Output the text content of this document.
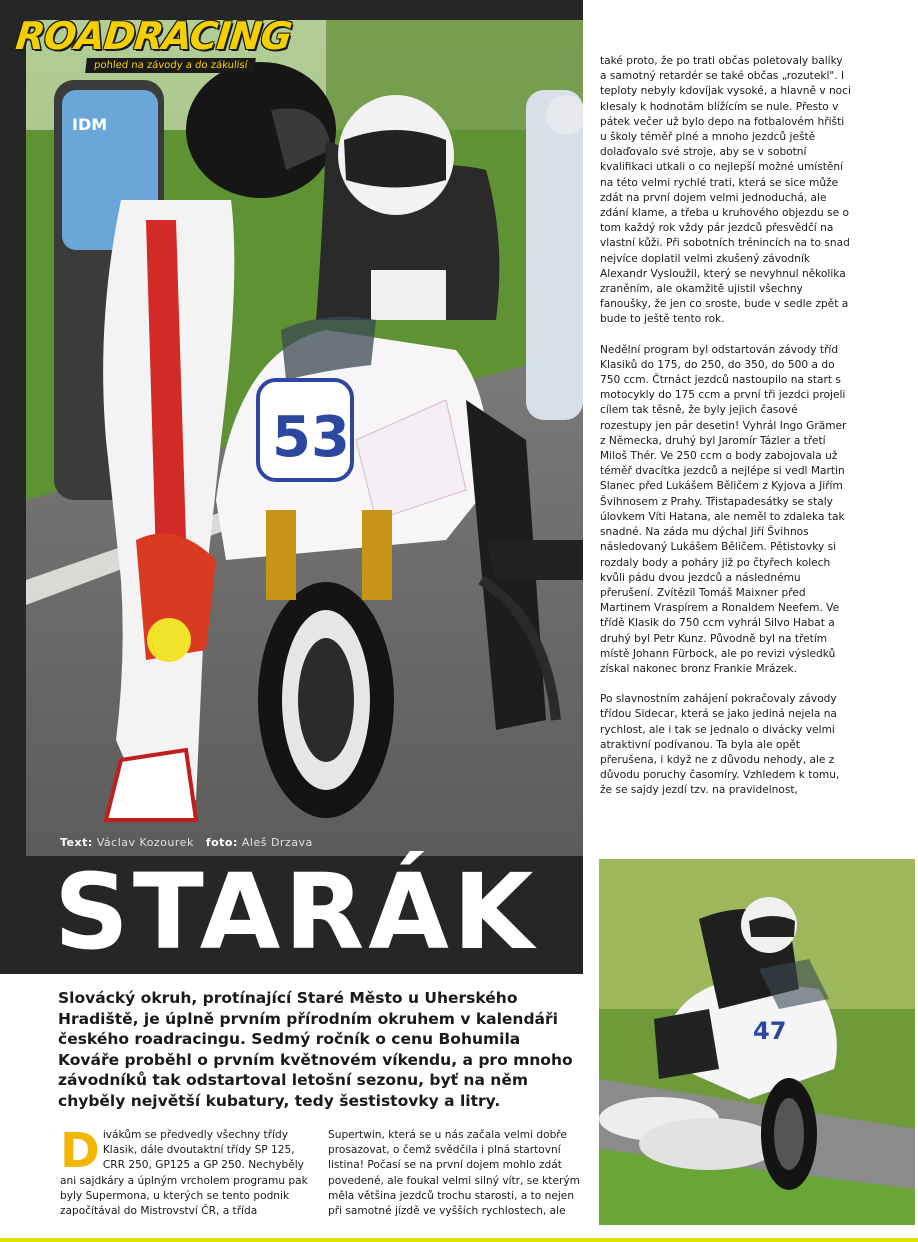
IDM
53
ROADRACING
pohled na závody a do zákulisí
Text: Václav Kozourek foto: Aleš Drzava
STARÁK
Slovácký okruh, protínající Staré Město u Uherského Hradiště, je úplně prvním přírodním okruhem v kalendáři českého roadracingu. Sedmý ročník o cenu Bohumila Kováře proběhl o prvním květnovém víkendu, a pro mnoho závodníků tak odstartoval letošní sezonu, byť na něm chyběly největší kubatury, tedy šestistovky a litry.

také proto, že po trati občas poletovaly balíky a samotný retardér se také občas „rozutekl". I teploty nebyly kdovíjak vysoké, a hlavně v noci klesaly k hodnotám blížícím se nule. Přesto v pátek večer už bylo depo na fotbalovém hřišti u školy téměř plné a mnoho jezdců ještě dolaďovalo své stroje, aby se v sobotní kvalifikaci utkali o co nejlepší možné umístění na této velmi rychlé trati, která se sice může zdát na první dojem velmi jednoduchá, ale zdání klame, a třeba u kruhového objezdu se o tom každý rok vždy pár jezdců přesvědčí na vlastní kůži. Při sobotních trénincích na to snad nejvíce doplatil velmi zkušený závodník Alexandr Vysloužil, který se nevyhnul několika zraněním, ale okamžitě ujistil všechny fanoušky, že jen co sroste, bude v sedle zpět a bude to ještě tento rok.

Nedělní program byl odstartován závody tříd Klasiků do 175, do 250, do 350, do 500 a do 750 ccm. Čtrnáct jezdců nastoupilo na start s motocykly do 175 ccm a první tři jezdci projeli cílem tak těsně, že byly jejich časové rozestupy jen pár desetin! Vyhrál Ingo Grämer z Německa, druhý byl Jaromír Tázler a třetí Miloš Thér. Ve 250 ccm o body zabojovala už téměř dvacítka jezdců a nejlépe si vedl Martin Slanec před Lukášem Běličem z Kyjova a Jiřím Švihnosem z Prahy. Třistapadesátky se staly úlovkem Víti Hatana, ale neměl to zdaleka tak snadné. Na záda mu dýchal Jiří Švihnos následovaný Lukášem Běličem. Pětistovky si rozdaly body a poháry již po čtyřech kolech kvůli pádu dvou jezdců a následnému přerušení. Zvítězil Tomáš Maixner před Martinem Vraspírem a Ronaldem Neefem. Ve třídě Klasik do 750 ccm vyhrál Silvo Habat a druhý byl Petr Kunz. Původně byl na třetím místě Johann Fürbock, ale po revizi výsledků získal nakonec bronz Frankie Mrázek.

Po slavnostním zahájení pokračovaly závody třídou Sidecar, která se jako jediná nejela na rychlost, ale i tak se jednalo o divácky velmi atraktivní podívanou. Ta byla ale opět přerušena, i když ne z důvodu nehody, ale z důvodu poruchy časomíry. Vzhledem k tomu, že se sajdy jezdí tzv. na pravidelnost,

Divákům se předvedly všechny třídy Klasik, dále dvoutaktní třídy SP 125, CRR 250, GP125 a GP 250. Nechyběly ani sajdkáry a úplným vrcholem programu pak byly Supermona, u kterých se tento podnik započítával do Mistrovství ČR, a třída
Supertwin, která se u nás začala velmi dobře prosazovat, o čemž svědčila i plná startovní listina! Počasí se na první dojem mohlo zdát povedené, ale foukal velmi silný vítr, se kterým měla většina jezdců trochu starosti, a to nejen při samotné jízdě ve vyšších rychlostech, ale
47
